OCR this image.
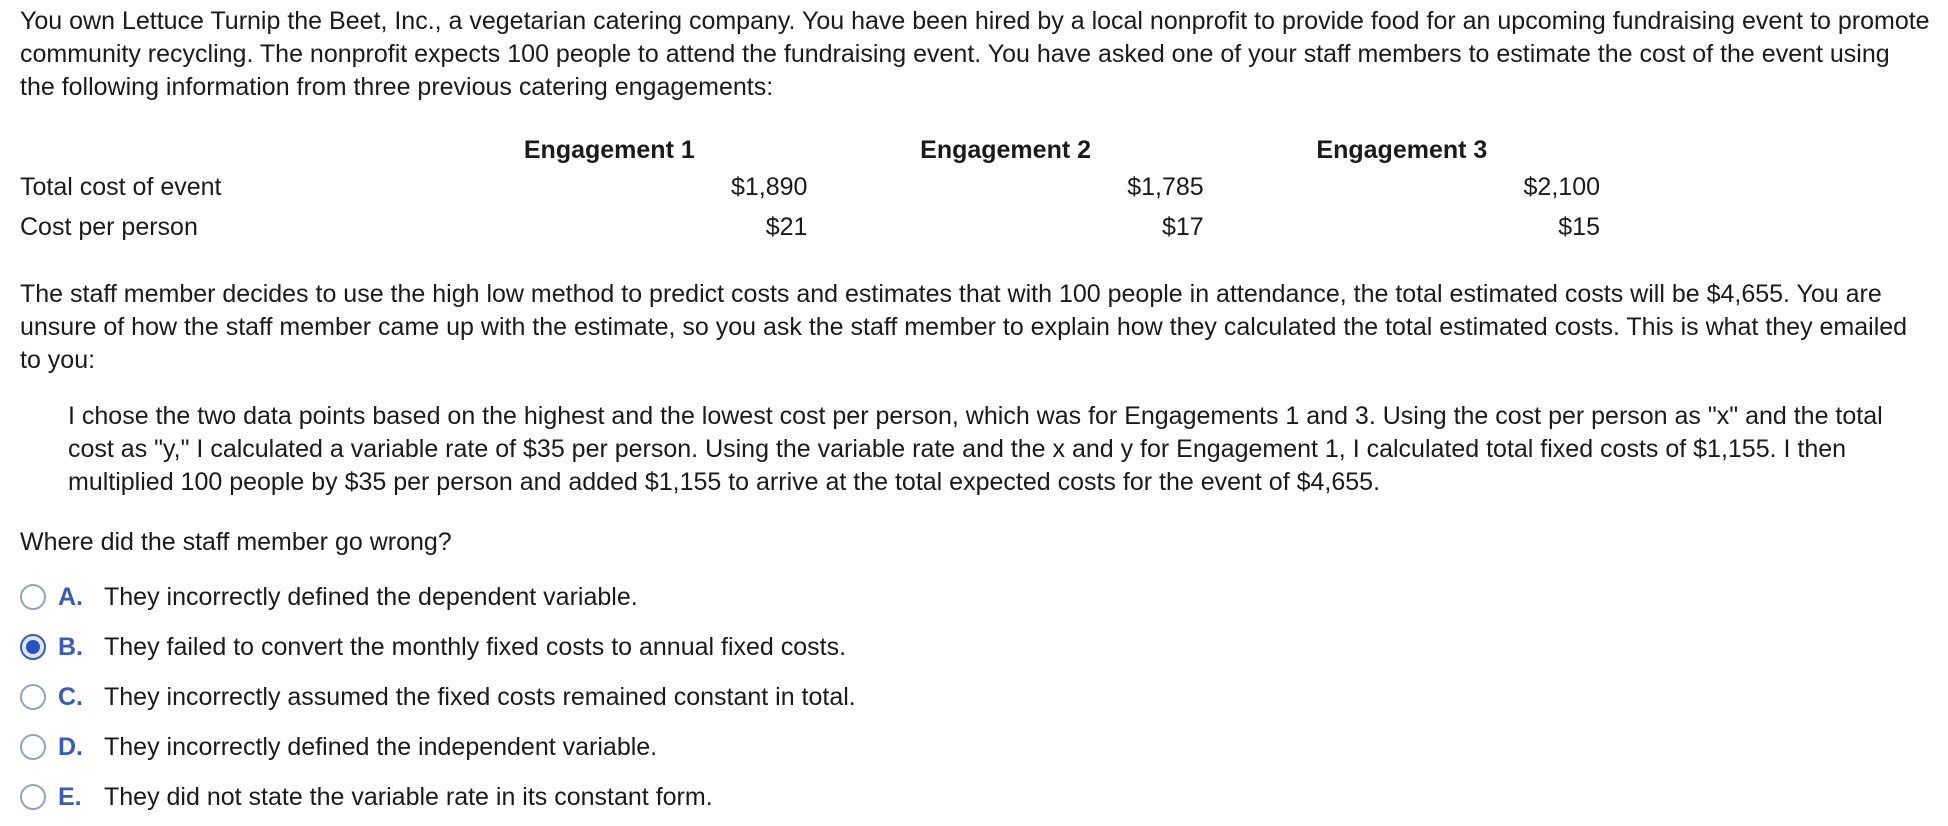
You own Lettuce Turnip the Beet, Inc., a vegetarian catering company. You have been hired by a local nonprofit to provide food for an upcoming fundraising event to promote community recycling. The nonprofit expects 100 people to attend the fundraising event. You have asked one of your staff members to estimate the cost of the event using the following information from three previous catering engagements:
	Engagement 1	Engagement 2	Engagement 3
Total cost of event	$1,890	$1,785	$2,100
Cost per person	$21	$17	$15
The staff member decides to use the high low method to predict costs and estimates that with 100 people in attendance, the total estimated costs will be $4,655. You are unsure of how the staff member came up with the estimate, so you ask the staff member to explain how they calculated the total estimated costs. This is what they emailed to you:
I chose the two data points based on the highest and the lowest cost per person, which was for Engagements 1 and 3. Using the cost per person as "x" and the total cost as "y," I calculated a variable rate of $35 per person. Using the variable rate and the x and y for Engagement 1, I calculated total fixed costs of $1,155. I then multiplied 100 people by $35 per person and added $1,155 to arrive at the total expected costs for the event of $4,655.
Where did the staff member go wrong?
A. They incorrectly defined the dependent variable.
B. They failed to convert the monthly fixed costs to annual fixed costs.
C. They incorrectly assumed the fixed costs remained constant in total.
D. They incorrectly defined the independent variable.
E. They did not state the variable rate in its constant form.
